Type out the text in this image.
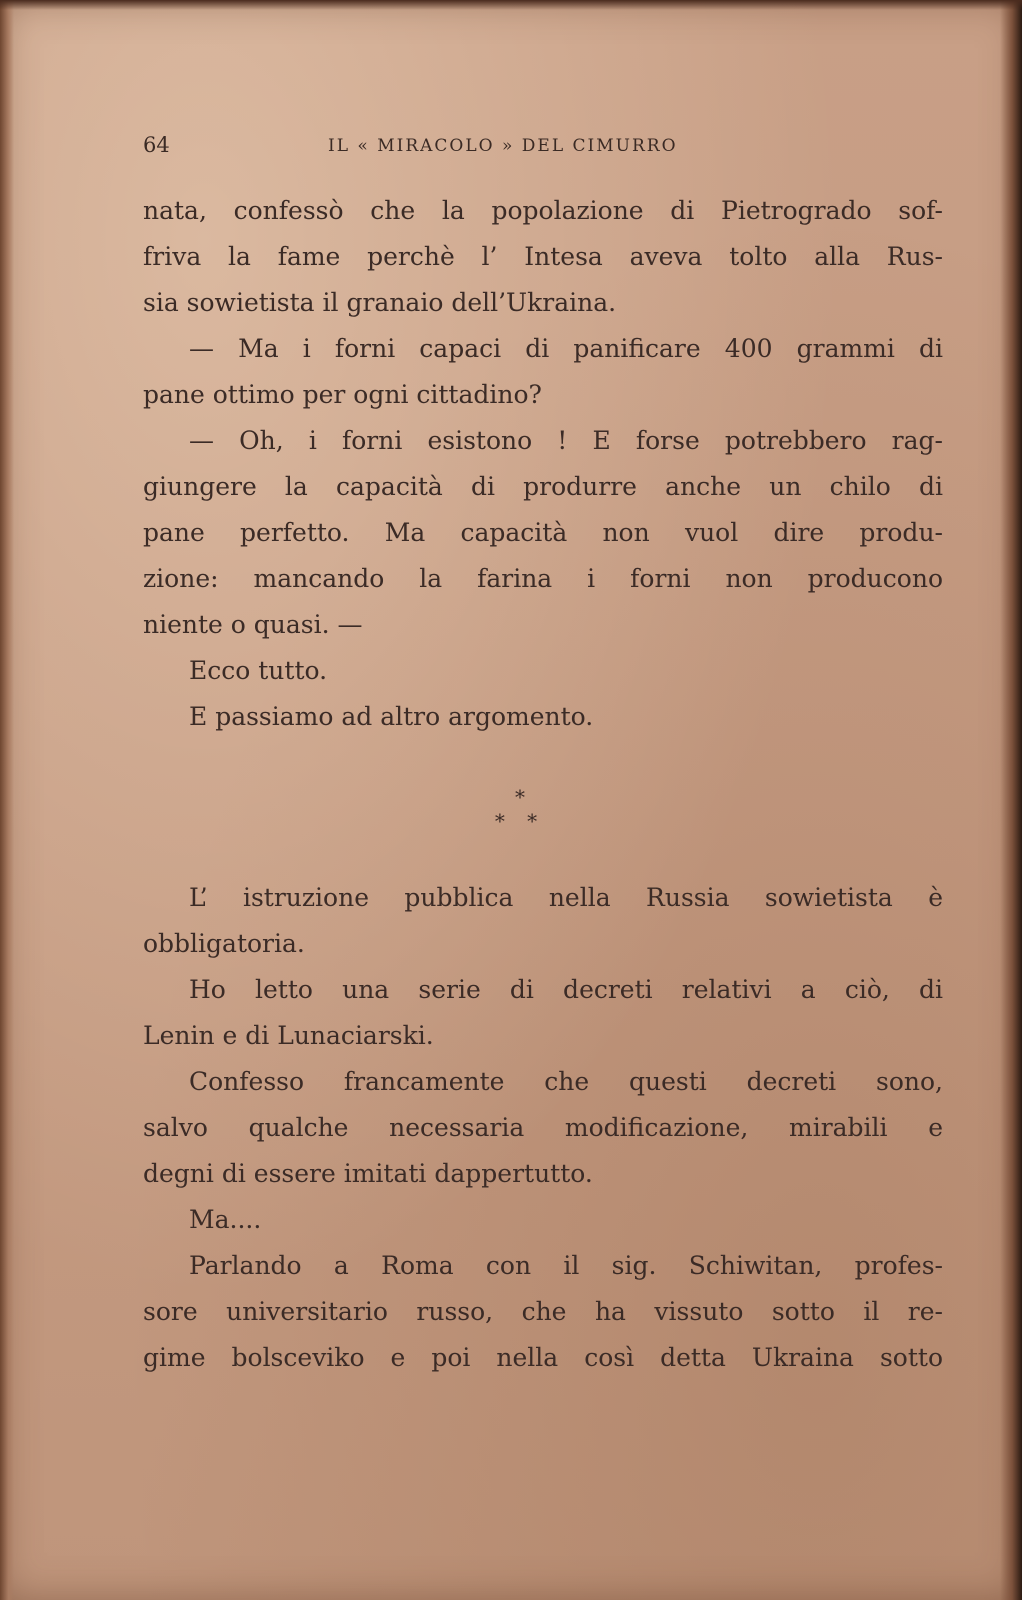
64	IL « MIRACOLO » DEL CIMURRO
nata, confessò che la popolazione di Pietrogrado sof-
friva la fame perchè l’ Intesa aveva tolto alla Rus-
sia sowietista il granaio dell’Ukraina.
— Ma i forni capaci di panificare 400 grammi di
pane ottimo per ogni cittadino?
— Oh, i forni esistono ! E forse potrebbero rag-
giungere la capacità di produrre anche un chilo di
pane perfetto. Ma capacità non vuol dire produ-
zione: mancando la farina i forni non producono
niente o quasi. —
Ecco tutto.
E passiamo ad altro argomento.
*
* *
L’ istruzione pubblica nella Russia sowietista è
obbligatoria.
Ho letto una serie di decreti relativi a ciò, di
Lenin e di Lunaciarski.
Confesso francamente che questi decreti sono,
salvo qualche necessaria modificazione, mirabili e
degni di essere imitati dappertutto.
Ma....
Parlando a Roma con il sig. Schiwitan, profes-
sore universitario russo, che ha vissuto sotto il re-
gime bolsceviko e poi nella così detta Ukraina sotto
